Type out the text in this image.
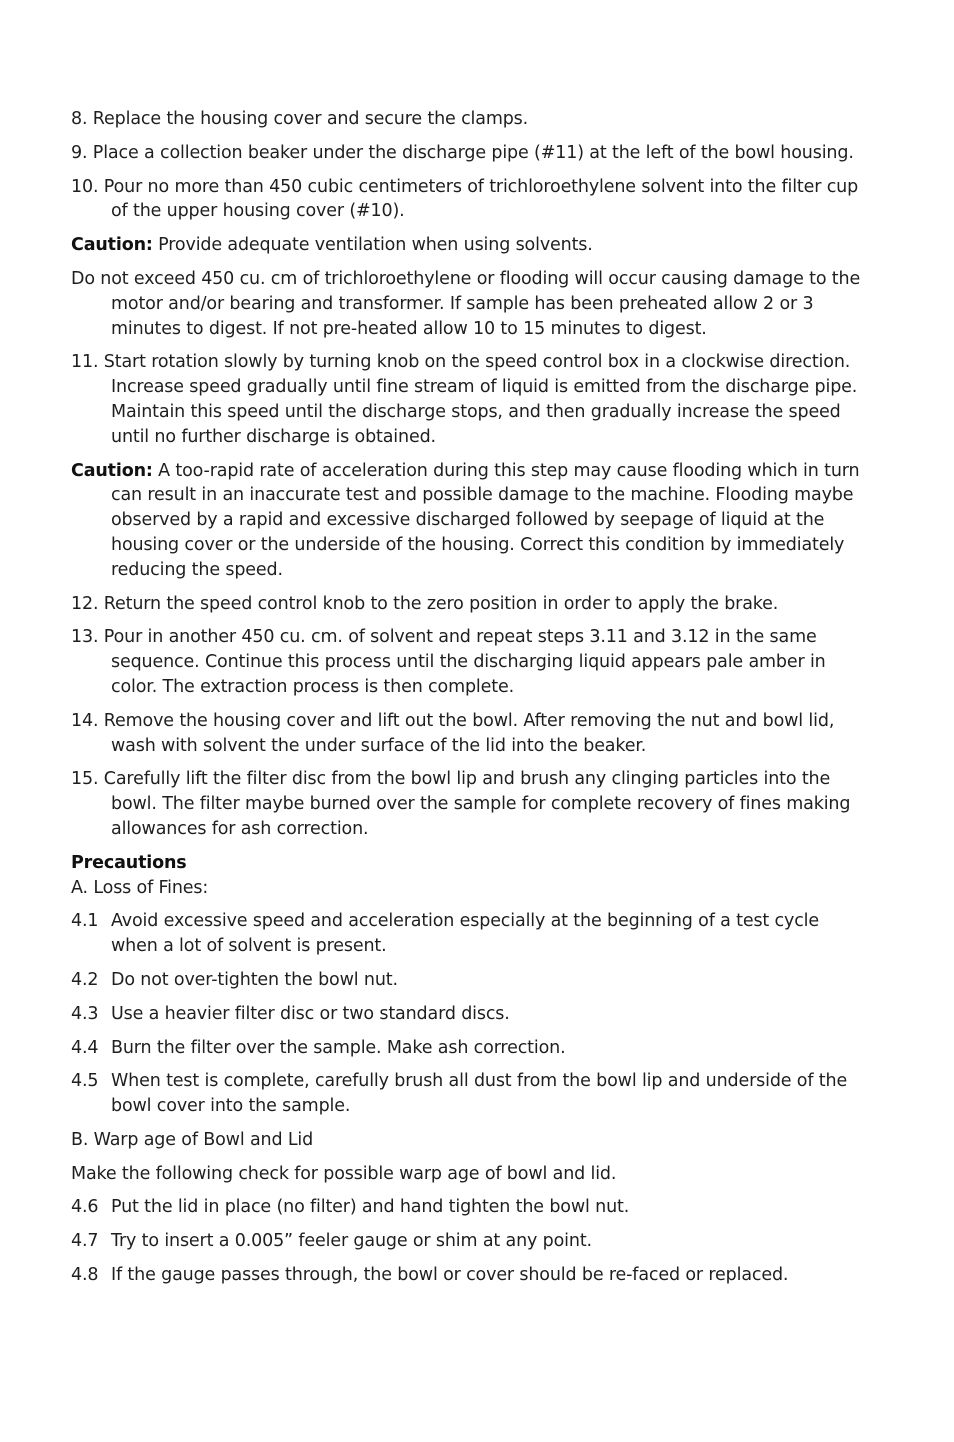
8. Replace the housing cover and secure the clamps.

9. Place a collection beaker under the discharge pipe (#11) at the left of the bowl housing.

10. Pour no more than 450 cubic centimeters of trichloroethylene solvent into the filter cup of the upper housing cover (#10).

Caution: Provide adequate ventilation when using solvents.

Do not exceed 450 cu. cm of trichloroethylene or flooding will occur causing damage to the motor and/or bearing and transformer. If sample has been preheated allow 2 or 3 minutes to digest. If not pre-heated allow 10 to 15 minutes to digest.

11. Start rotation slowly by turning knob on the speed control box in a clockwise direction. Increase speed gradually until fine stream of liquid is emitted from the discharge pipe. Maintain this speed until the discharge stops, and then gradually increase the speed until no further discharge is obtained.

Caution: A too-rapid rate of acceleration during this step may cause flooding which in turn can result in an inaccurate test and possible damage to the machine. Flooding maybe observed by a rapid and excessive discharged followed by seepage of liquid at the housing cover or the underside of the housing. Correct this condition by immediately reducing the speed.

12. Return the speed control knob to the zero position in order to apply the brake.

13. Pour in another 450 cu. cm. of solvent and repeat steps 3.11 and 3.12 in the same sequence. Continue this process until the discharging liquid appears pale amber in color. The extraction process is then complete.

14. Remove the housing cover and lift out the bowl. After removing the nut and bowl lid, wash with solvent the under surface of the lid into the beaker.

15. Carefully lift the filter disc from the bowl lip and brush any clinging particles into the bowl. The filter maybe burned over the sample for complete recovery of fines making allowances for ash correction.

Precautions

A. Loss of Fines:

4.1 Avoid excessive speed and acceleration especially at the beginning of a test cycle when a lot of solvent is present.

4.2 Do not over-tighten the bowl nut.

4.3 Use a heavier filter disc or two standard discs.

4.4 Burn the filter over the sample. Make ash correction.

4.5 When test is complete, carefully brush all dust from the bowl lip and underside of the bowl cover into the sample.

B. Warp age of Bowl and Lid

Make the following check for possible warp age of bowl and lid.

4.6 Put the lid in place (no filter) and hand tighten the bowl nut.

4.7 Try to insert a 0.005” feeler gauge or shim at any point.

4.8 If the gauge passes through, the bowl or cover should be re-faced or replaced.
